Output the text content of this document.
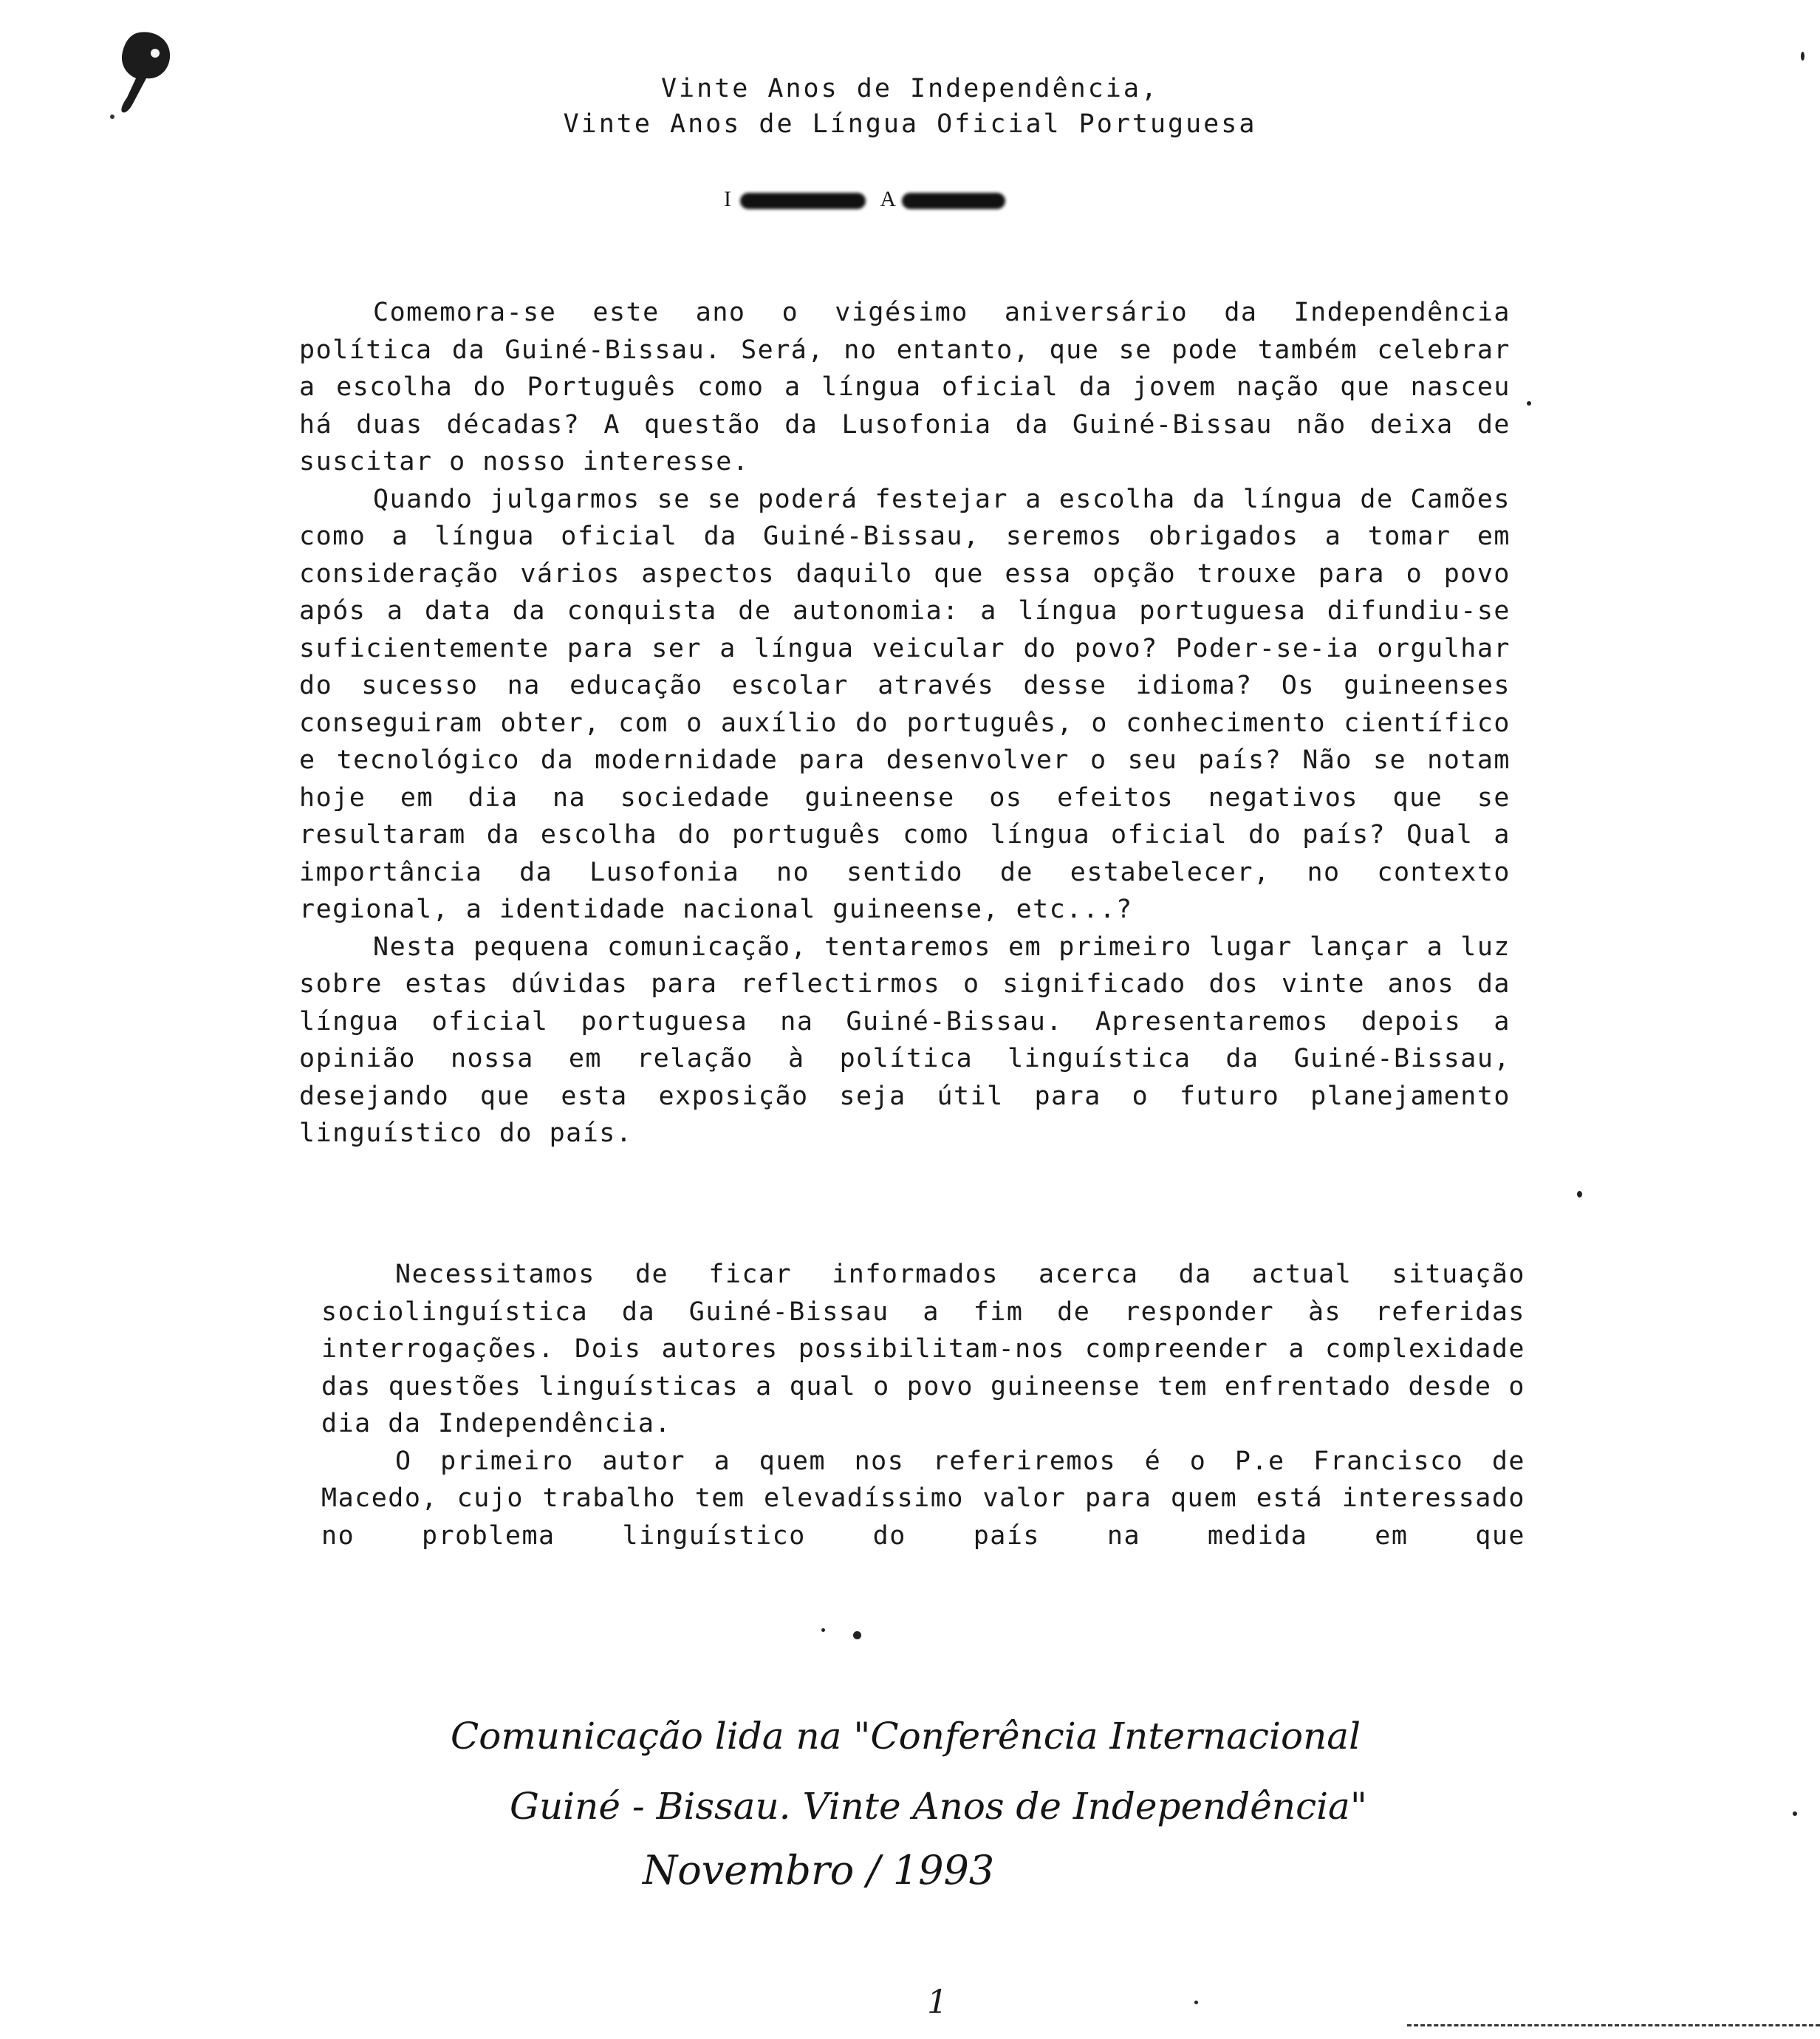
Vinte Anos de Independência,
Vinte Anos de Língua Oficial Portuguesa
I	A

Comemora-se este ano o vigésimo aniversário da Independência política da Guiné-Bissau. Será, no entanto, que se pode também celebrar a escolha do Português como a língua oficial da jovem nação que nasceu há duas décadas? A questão da Lusofonia da Guiné-Bissau não deixa de suscitar o nosso interesse.

Quando julgarmos se se poderá festejar a escolha da língua de Camões como a língua oficial da Guiné-Bissau, seremos obrigados a tomar em consideração vários aspectos daquilo que essa opção trouxe para o povo após a data da conquista de autonomia: a língua portuguesa difundiu-se suficientemente para ser a língua veicular do povo? Poder-se-ia orgulhar do sucesso na educação escolar através desse idioma? Os guineenses conseguiram obter, com o auxílio do português, o conhecimento científico e tecnológico da modernidade para desenvolver o seu país? Não se notam hoje em dia na sociedade guineense os efeitos negativos que se resultaram da escolha do português como língua oficial do país? Qual a importância da Lusofonia no sentido de estabelecer, no contexto regional, a identidade nacional guineense, etc...?

Nesta pequena comunicação, tentaremos em primeiro lugar lançar a luz sobre estas dúvidas para reflectirmos o significado dos vinte anos da língua oficial portuguesa na Guiné-Bissau. Apresentaremos depois a opinião nossa em relação à política linguística da Guiné-Bissau, desejando que esta exposição seja útil para o futuro planejamento linguístico do país.

Necessitamos de ficar informados acerca da actual situação sociolinguística da Guiné-Bissau a fim de responder às referidas interrogações. Dois autores possibilitam-nos compreender a complexidade das questões linguísticas a qual o povo guineense tem enfrentado desde o dia da Independência.

O primeiro autor a quem nos referiremos é o P.e Francisco de Macedo, cujo trabalho tem elevadíssimo valor para quem está interessado no problema linguístico do país na medida em que

Comunicação lida na "Conferência Internacional
Guiné - Bissau. Vinte Anos de Independência"
Novembro / 1993
1
